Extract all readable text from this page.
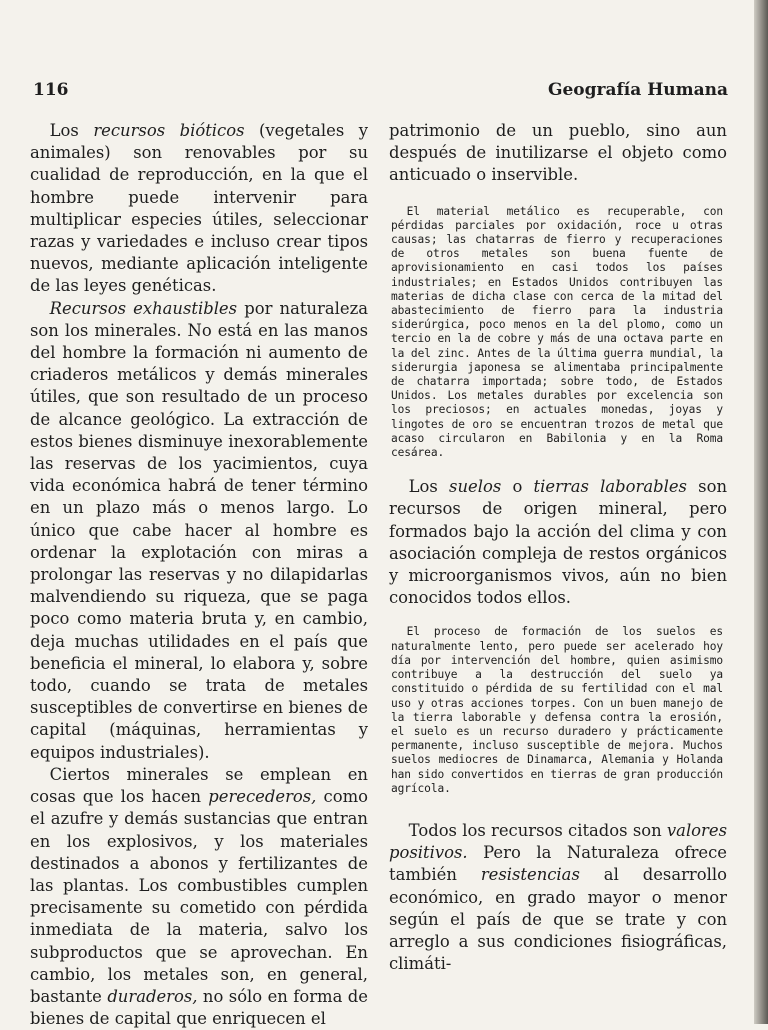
116	Geografía Humana

Los recursos bióticos (vegetales y animales) son renovables por su cualidad de reproducción, en la que el hombre puede intervenir para multiplicar especies útiles, seleccionar razas y variedades e incluso crear tipos nuevos, mediante aplicación inteligente de las leyes genéticas.

Recursos exhaustibles por naturaleza son los minerales. No está en las manos del hombre la formación ni aumento de criaderos metálicos y demás minerales útiles, que son resultado de un proceso de alcance geológico. La extracción de estos bienes disminuye inexorablemente las reservas de los yacimientos, cuya vida económica habrá de tener término en un plazo más o menos largo. Lo único que cabe hacer al hombre es ordenar la explotación con miras a prolongar las reservas y no dilapidarlas malvendiendo su riqueza, que se paga poco como materia bruta y, en cambio, deja muchas utilidades en el país que beneficia el mineral, lo elabora y, sobre todo, cuando se trata de metales susceptibles de convertirse en bienes de capital (máquinas, herramientas y equipos industriales).

Ciertos minerales se emplean en cosas que los hacen perecederos, como el azufre y demás sustancias que entran en los explosivos, y los materiales destinados a abonos y fertilizantes de las plantas. Los combustibles cumplen precisamente su cometido con pérdida inmediata de la materia, salvo los subproductos que se aprovechan. En cambio, los metales son, en general, bastante duraderos, no sólo en forma de bienes de capital que enriquecen el

patrimonio de un pueblo, sino aun después de inutilizarse el objeto como anticuado o inservible.

El material metálico es recuperable, con pérdidas parciales por oxidación, roce u otras causas; las chatarras de fierro y recuperaciones de otros metales son buena fuente de aprovisionamiento en casi todos los países industriales; en Estados Unidos contribuyen las materias de dicha clase con cerca de la mitad del abastecimiento de fierro para la industria siderúrgica, poco menos en la del plomo, como un tercio en la de cobre y más de una octava parte en la del zinc. Antes de la última guerra mundial, la siderurgia japonesa se alimentaba principalmente de chatarra importada; sobre todo, de Estados Unidos. Los metales durables por excelencia son los preciosos; en actuales monedas, joyas y lingotes de oro se encuentran trozos de metal que acaso circularon en Babilonia y en la Roma cesárea.

Los suelos o tierras laborables son recursos de origen mineral, pero formados bajo la acción del clima y con asociación compleja de restos orgánicos y microorganismos vivos, aún no bien conocidos todos ellos.

El proceso de formación de los suelos es naturalmente lento, pero puede ser acelerado hoy día por intervención del hombre, quien asimismo contribuye a la destrucción del suelo ya constituido o pérdida de su fertilidad con el mal uso y otras acciones torpes. Con un buen manejo de la tierra laborable y defensa contra la erosión, el suelo es un recurso duradero y prácticamente permanente, incluso susceptible de mejora. Muchos suelos mediocres de Dinamarca, Alemania y Holanda han sido convertidos en tierras de gran producción agrícola.

Todos los recursos citados son valores positivos. Pero la Naturaleza ofrece también resistencias al desarrollo económico, en grado mayor o menor según el país de que se trate y con arreglo a sus condiciones fisiográficas, climáti-
